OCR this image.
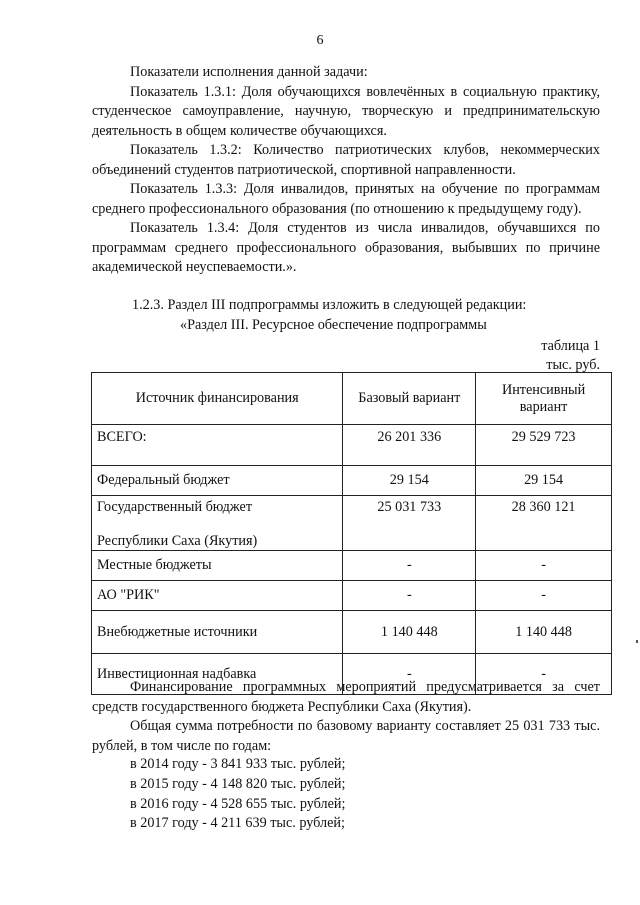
6

Показатели исполнения данной задачи:

Показатель 1.3.1: Доля обучающихся вовлечённых в социальную практику, студенческое самоуправление, научную, творческую и предпринимательскую деятельность в общем количестве обучающихся.

Показатель 1.3.2: Количество патриотических клубов, некоммерческих объединений студентов патриотической, спортивной направленности.

Показатель 1.3.3: Доля инвалидов, принятых на обучение по программам среднего профессионального образования (по отношению к предыдущему году).

Показатель 1.3.4: Доля студентов из числа инвалидов, обучавшихся по программам среднего профессионального образования, выбывших по причине академической неуспеваемости.».

1.2.3. Раздел III подпрограммы изложить в следующей редакции:
«Раздел III. Ресурсное обеспечение подпрограммы
таблица 1
тыс. руб.
Источник финансирования	Базовый вариант	Интенсивный вариант
ВСЕГО:	26 201 336	29 529 723
Федеральный бюджет	29 154	29 154
Государственный бюджет
Республики Саха (Якутия)	25 031 733	28 360 121
Местные бюджеты	-	-
АО "РИК"	-	-
Внебюджетные источники	1 140 448	1 140 448
Инвестиционная надбавка	-	-

Финансирование программных мероприятий предусматривается за счет средств государственного бюджета Республики Саха (Якутия).

Общая сумма потребности по базовому варианту составляет 25 031 733 тыс. рублей, в том числе по годам:

в 2014 году - 3 841 933 тыс. рублей;
в 2015 году - 4 148 820 тыс. рублей;
в 2016 году - 4 528 655 тыс. рублей;
в 2017 году - 4 211 639 тыс. рублей;
